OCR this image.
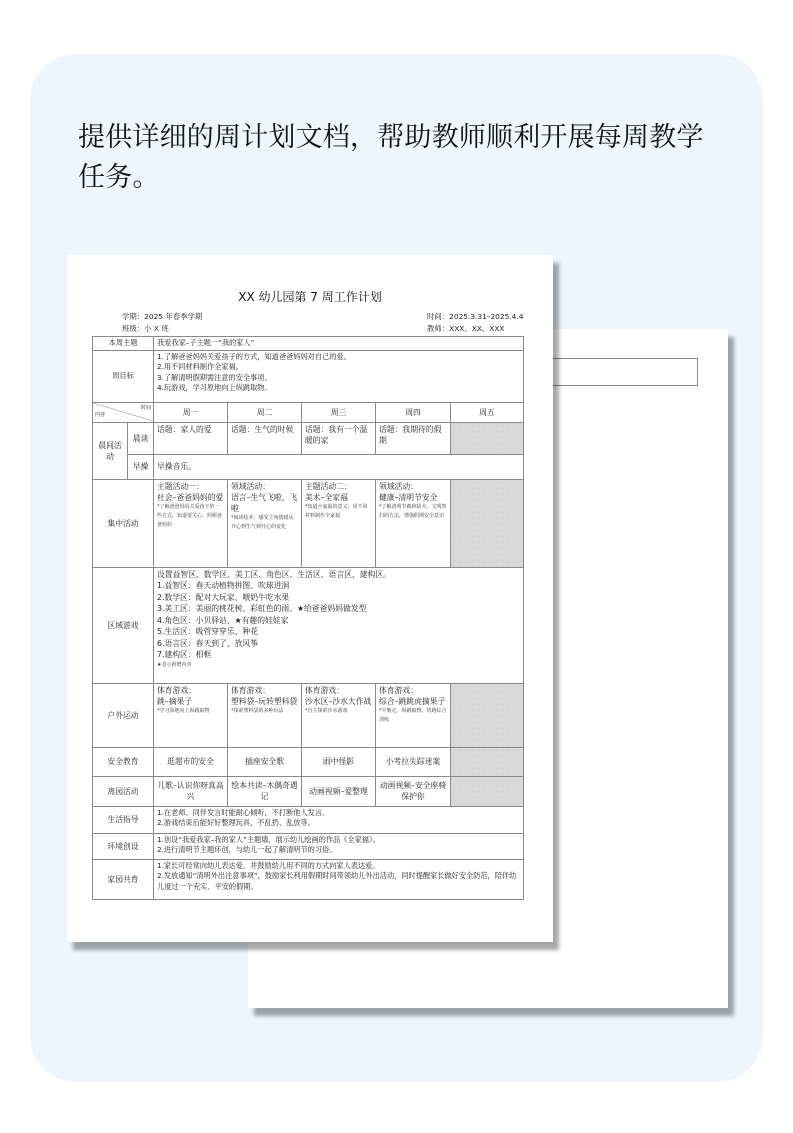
提供详细的周计划文档，帮助教师顺利开展每周教学任务。
XX 幼儿园第 7 周工作计划
学期：2025 年春季学期
班级：小 X 班
时间：2025.3.31–2025.4.4
教师：XXX、XX、XXX
本周主题		我爱我家–子主题一“我的家人”				
周目标		1.了解爸爸妈妈关爱孩子的方式，知道爸爸妈妈对自己的爱。
2.用不同材料制作全家福。
3.了解清明假期需注意的安全事项。
4.玩游戏，学习原地向上纵跳取物。				

时间
内容		周一	周二	周三	周四	周五
晨间活动	晨谈	话题：家人的爱	话题：生气的时候	话题：我有一个温暖的家	话题：我期待的假期	
	早操	早操音乐。				
集中活动		主题活动一：
社会–爸爸妈妈的爱
*了解爸爸妈妈关爱孩子的一些方式，知道要关心、照顾爸爸妈妈	领域活动：
语言–生气飞啦，飞啦
*阅读绘本，感受主角情绪从开心到生气到开心的变化	主题活动二：
美术–全家福
*知道全家福的意义，用不同材料制作全家福	领域活动：
健康–清明节安全
*了解清明节森林防火、文明祭扫的方法，增强假期安全意识	

区域游戏	
设置益智区、数学区、美工区、角色区、生活区、语言区、建构区。
1.益智区：春天动植物拼图、吹球进洞
2.数学区：配对大玩家、喂奶牛吃水果
3.美工区：美丽的桃花树、彩虹色的雨、★给爸爸妈妈做发型
4.角色区：小贝驿站、★有趣的娃娃家
5.生活区：吸管穿穿乐、种花
6.语言区：春天到了、放风筝
7.建构区：相框
★表示新增内容

户外运动		体育游戏：
跳–摘果子
*学习原地向上纵跳取物	体育游戏：
塑料袋–玩转塑料袋
*探索塑料袋的多种玩法	体育游戏：
沙水区–沙水大作战
*自主探索沙水游戏	体育游戏：
综合–跳跳虎摘果子
*平衡走、纵跳取物、快跑综合训练	

安全教育		逛超市的安全	插座安全歌	雨中怪影	小考拉失踪迷案	
离园活动		儿歌–认识你呀真高兴	绘本共读–木偶奇遇记	动画视频–爱整理	动画视频–安全座椅保护你	
生活指导		1.在老师、同伴发言时能耐心倾听，不打断他人发言。
2.游戏结束后能好好整理玩具，不乱扔、乱放等。				

环境创设		1.创设“我爱我家–我的家人”主题墙，展示幼儿绘画的作品《全家福》。
2.进行清明节主题环创，与幼儿一起了解清明节的习俗。				

家园共育		1.家长可经常向幼儿表达爱，并鼓励幼儿用不同的方式向家人表达爱。
2.发放通知“清明外出注意事项”，鼓励家长利用假期时间带领幼儿外出活动，同时提醒家长做好安全防范，陪伴幼儿度过一个充实、平安的假期。				
